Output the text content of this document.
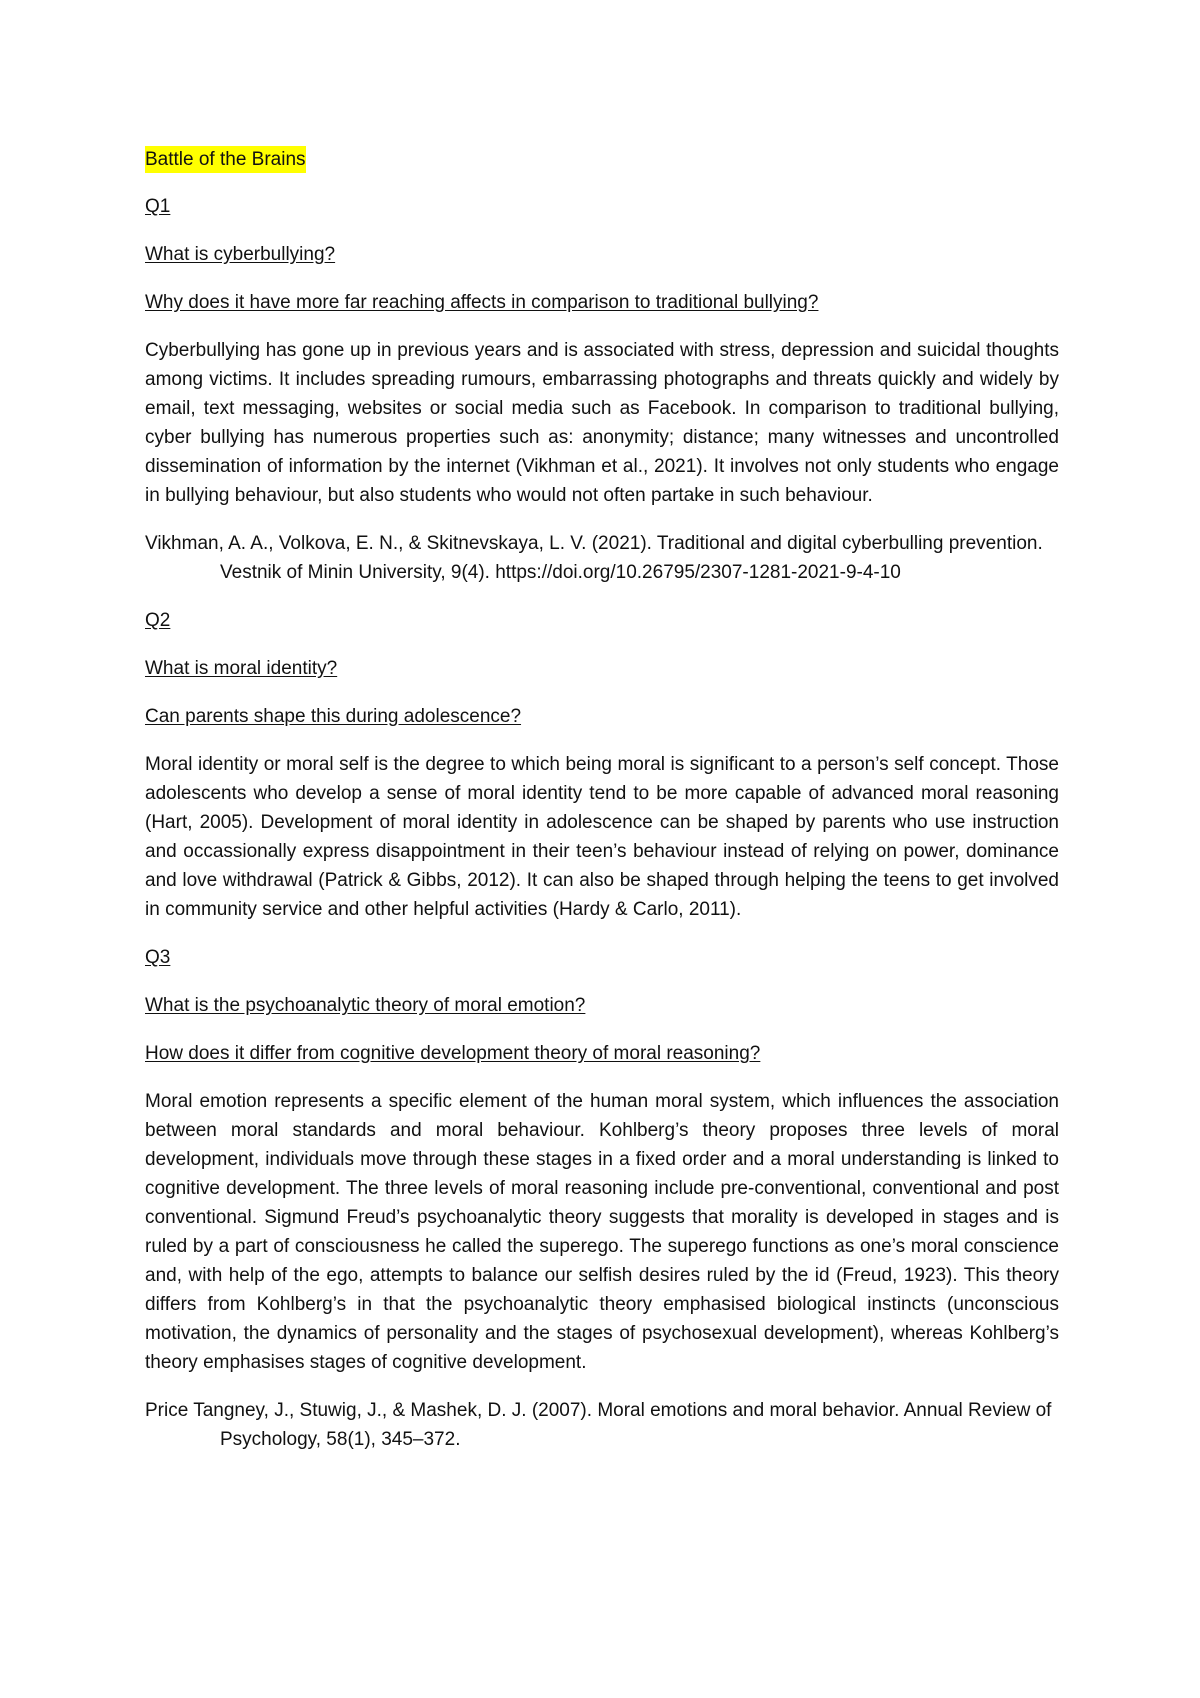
Battle of the Brains

Q1

What is cyberbullying?

Why does it have more far reaching affects in comparison to traditional bullying?

Cyberbullying has gone up in previous years and is associated with stress, depression and suicidal thoughts among victims. It includes spreading rumours, embarrassing photographs and threats quickly and widely by email, text messaging, websites or social media such as Facebook. In comparison to traditional bullying, cyber bullying has numerous properties such as: anonymity; distance; many witnesses and uncontrolled dissemination of information by the internet (Vikhman et al., 2021). It involves not only students who engage in bullying behaviour, but also students who would not often partake in such behaviour.

Vikhman, A. A., Volkova, E. N., & Skitnevskaya, L. V. (2021). Traditional and digital cyberbulling prevention. Vestnik of Minin University, 9(4). https://doi.org/10.26795/2307-1281-2021-9-4-10

Q2

What is moral identity?

Can parents shape this during adolescence?

Moral identity or moral self is the degree to which being moral is significant to a person’s self concept. Those adolescents who develop a sense of moral identity tend to be more capable of advanced moral reasoning (Hart, 2005). Development of moral identity in adolescence can be shaped by parents who use instruction and occassionally express disappointment in their teen’s behaviour instead of relying on power, dominance and love withdrawal (Patrick & Gibbs, 2012). It can also be shaped through helping the teens to get involved in community service and other helpful activities (Hardy & Carlo, 2011).

Q3

What is the psychoanalytic theory of moral emotion?

How does it differ from cognitive development theory of moral reasoning?

Moral emotion represents a specific element of the human moral system, which influences the association between moral standards and moral behaviour. Kohlberg’s theory proposes three levels of moral development, individuals move through these stages in a fixed order and a moral understanding is linked to cognitive development. The three levels of moral reasoning include pre-conventional, conventional and post conventional. Sigmund Freud’s psychoanalytic theory suggests that morality is developed in stages and is ruled by a part of consciousness he called the superego. The superego functions as one’s moral conscience and, with help of the ego, attempts to balance our selfish desires ruled by the id (Freud, 1923). This theory differs from Kohlberg’s in that the psychoanalytic theory emphasised biological instincts (unconscious motivation, the dynamics of personality and the stages of psychosexual development), whereas Kohlberg’s theory emphasises stages of cognitive development.

Price Tangney, J., Stuwig, J., & Mashek, D. J. (2007). Moral emotions and moral behavior. Annual Review of Psychology, 58(1), 345–372.
